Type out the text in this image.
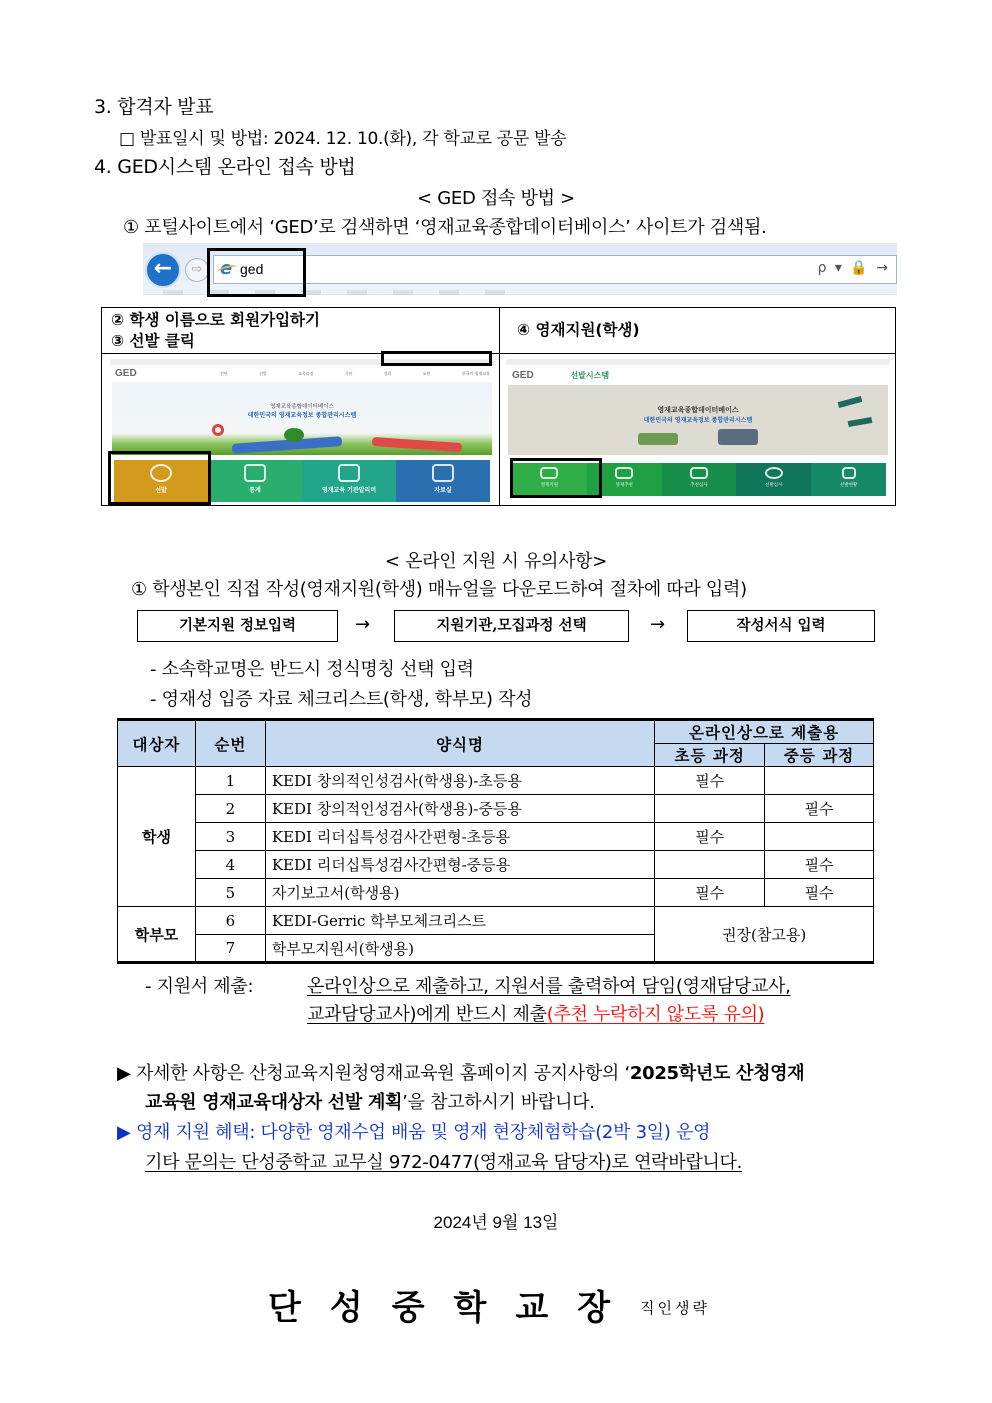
3. 합격자 발표
□ 발표일시 및 방법: 2024. 12. 10.(화), 각 학교로 공문 발송
4. GED시스템 온라인 접속 방법
< GED 접속 방법 >
① 포털사이트에서 ‘GED’로 검색하면 ‘영재교육종합데이터베이스’ 사이트가 검색됨.
←	⇨ e ged	ρ ▾ 🔒 →
② 학생 이름으로 회원가입하기
③ 선발 클릭
④ 영재지원(학생)
GED	진단	선발	교육과정	기관	성과	교원	한국의 영재교육
영재교육종합데이터베이스
대한민국의 영재교육정보 종합관리시스템
선발	통계	영재교육 기관알리미	자료실
GED	선발시스템
영재교육종합데이터베이스
대한민국의 영재교육정보 종합관리시스템
영재지원	영재추천	추천심사	선발심사	선발현황
< 온라인 지원 시 유의사항>
① 학생본인 직접 작성(영재지원(학생) 매뉴얼을 다운로드하여 절차에 따라 입력)
기본지원 정보입력	→	지원기관,모집과정 선택	→	작성서식 입력
- 소속학교명은 반드시 정식명칭 선택 입력
- 영재성 입증 자료 체크리스트(학생, 학부모) 작성
대상자	순번	양식명	온라인상으로 제출용	
			초등 과정	중등 과정
학생	1	KEDI 창의적인성검사(학생용)-초등용	필수	
	2	KEDI 창의적인성검사(학생용)-중등용		필수
	3	KEDI 리더십특성검사간편형-초등용	필수	
	4	KEDI 리더십특성검사간편형-중등용		필수
	5	자기보고서(학생용)	필수	필수
학부모	6	KEDI-Gerric 학부모체크리스트	권장(참고용)	
	7	학부모지원서(학생용)		
- 지원서 제출:	온라인상으로 제출하고, 지원서를 출력하여 담임(영재담당교사,
교과담당교사)에게 반드시 제출(추천 누락하지 않도록 유의)
▶ 자세한 사항은 산청교육지원청영재교육원 홈페이지 공지사항의 ‘2025학년도 산청영재
교육원 영재교육대상자 선발 계획’을 참고하시기 바랍니다.
▶ 영재 지원 혜택: 다양한 영재수업 배움 및 영재 현장체험학습(2박 3일) 운영
기타 문의는 단성중학교 교무실 972-0477(영재교육 담당자)로 연락바랍니다.
2024년 9월 13일
단성중학교장 직인생략
